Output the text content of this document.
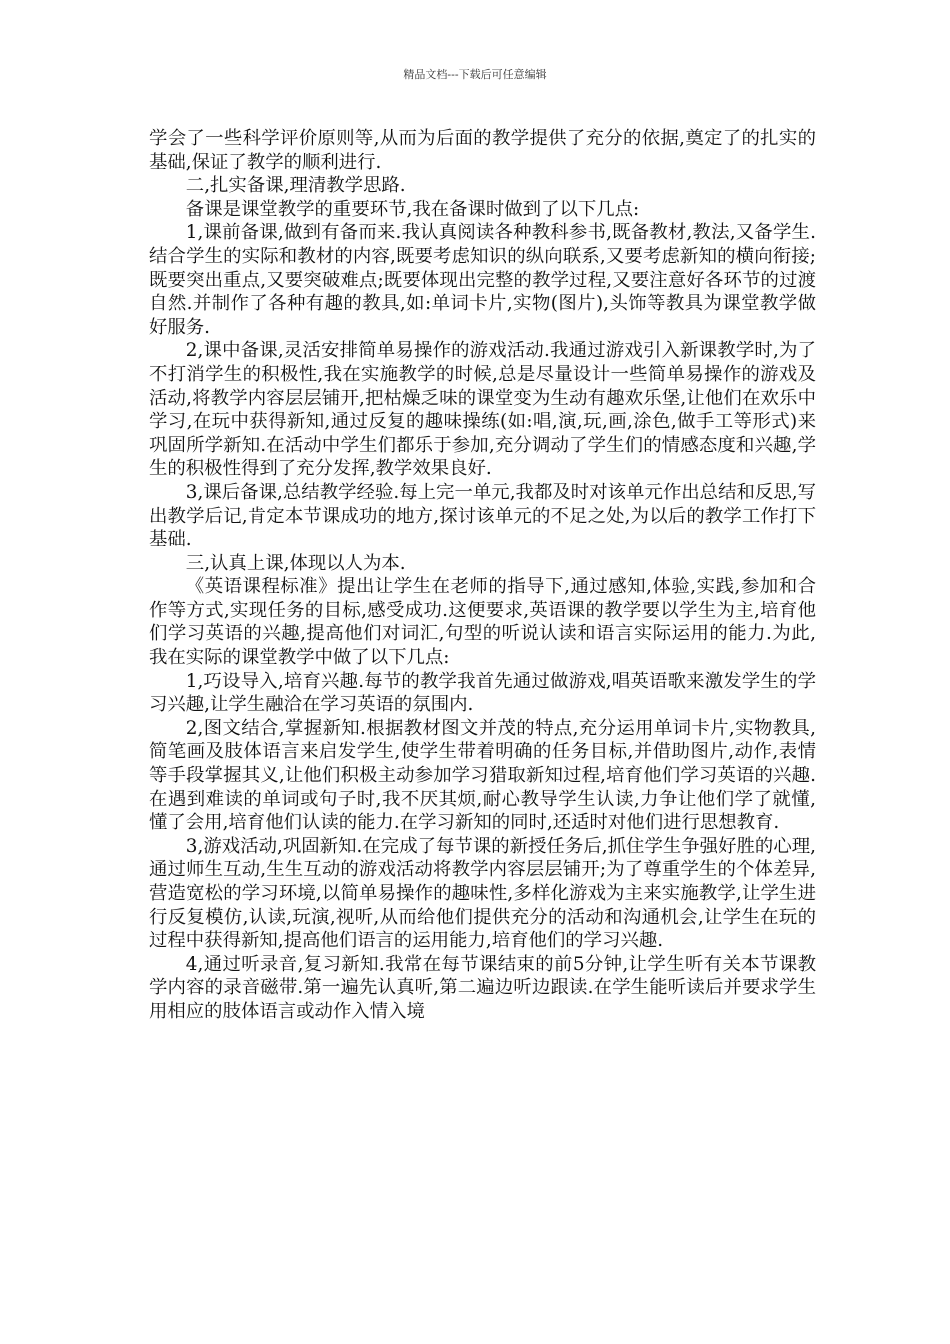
精品文档---下载后可任意编辑

学会了一些科学评价原则等,从而为后面的教学提供了充分的依据,奠定了的扎实的基础,保证了教学的顺利进行.

二,扎实备课,理清教学思路.

备课是课堂教学的重要环节,我在备课时做到了以下几点:

1,课前备课,做到有备而来.我认真阅读各种教科参书,既备教材,教法,又备学生.结合学生的实际和教材的内容,既要考虑知识的纵向联系,又要考虑新知的横向衔接;既要突出重点,又要突破难点;既要体现出完整的教学过程,又要注意好各环节的过渡自然.并制作了各种有趣的教具,如:单词卡片,实物(图片),头饰等教具为课堂教学做好服务.

2,课中备课,灵活安排简单易操作的游戏活动.我通过游戏引入新课教学时,为了不打消学生的积极性,我在实施教学的时候,总是尽量设计一些简单易操作的游戏及活动,将教学内容层层铺开,把枯燥乏味的课堂变为生动有趣欢乐堡,让他们在欢乐中学习,在玩中获得新知,通过反复的趣味操练(如:唱,演,玩,画,涂色,做手工等形式)来巩固所学新知.在活动中学生们都乐于参加,充分调动了学生们的情感态度和兴趣,学生的积极性得到了充分发挥,教学效果良好.

3,课后备课,总结教学经验.每上完一单元,我都及时对该单元作出总结和反思,写出教学后记,肯定本节课成功的地方,探讨该单元的不足之处,为以后的教学工作打下基础.

三,认真上课,体现以人为本.

《英语课程标准》提出让学生在老师的指导下,通过感知,体验,实践,参加和合作等方式,实现任务的目标,感受成功.这便要求,英语课的教学要以学生为主,培育他们学习英语的兴趣,提高他们对词汇,句型的听说认读和语言实际运用的能力.为此,我在实际的课堂教学中做了以下几点:

1,巧设导入,培育兴趣.每节的教学我首先通过做游戏,唱英语歌来激发学生的学习兴趣,让学生融洽在学习英语的氛围内.

2,图文结合,掌握新知.根据教材图文并茂的特点,充分运用单词卡片,实物教具,简笔画及肢体语言来启发学生,使学生带着明确的任务目标,并借助图片,动作,表情等手段掌握其义,让他们积极主动参加学习猎取新知过程,培育他们学习英语的兴趣.在遇到难读的单词或句子时,我不厌其烦,耐心教导学生认读,力争让他们学了就懂,懂了会用,培育他们认读的能力.在学习新知的同时,还适时对他们进行思想教育.

3,游戏活动,巩固新知.在完成了每节课的新授任务后,抓住学生争强好胜的心理,通过师生互动,生生互动的游戏活动将教学内容层层铺开;为了尊重学生的个体差异,营造宽松的学习环境,以简单易操作的趣味性,多样化游戏为主来实施教学,让学生进行反复模仿,认读,玩演,视听,从而给他们提供充分的活动和沟通机会,让学生在玩的过程中获得新知,提高他们语言的运用能力,培育他们的学习兴趣.

4,通过听录音,复习新知.我常在每节课结束的前5分钟,让学生听有关本节课教学内容的录音磁带.第一遍先认真听,第二遍边听边跟读.在学生能听读后并要求学生用相应的肢体语言或动作入情入境
